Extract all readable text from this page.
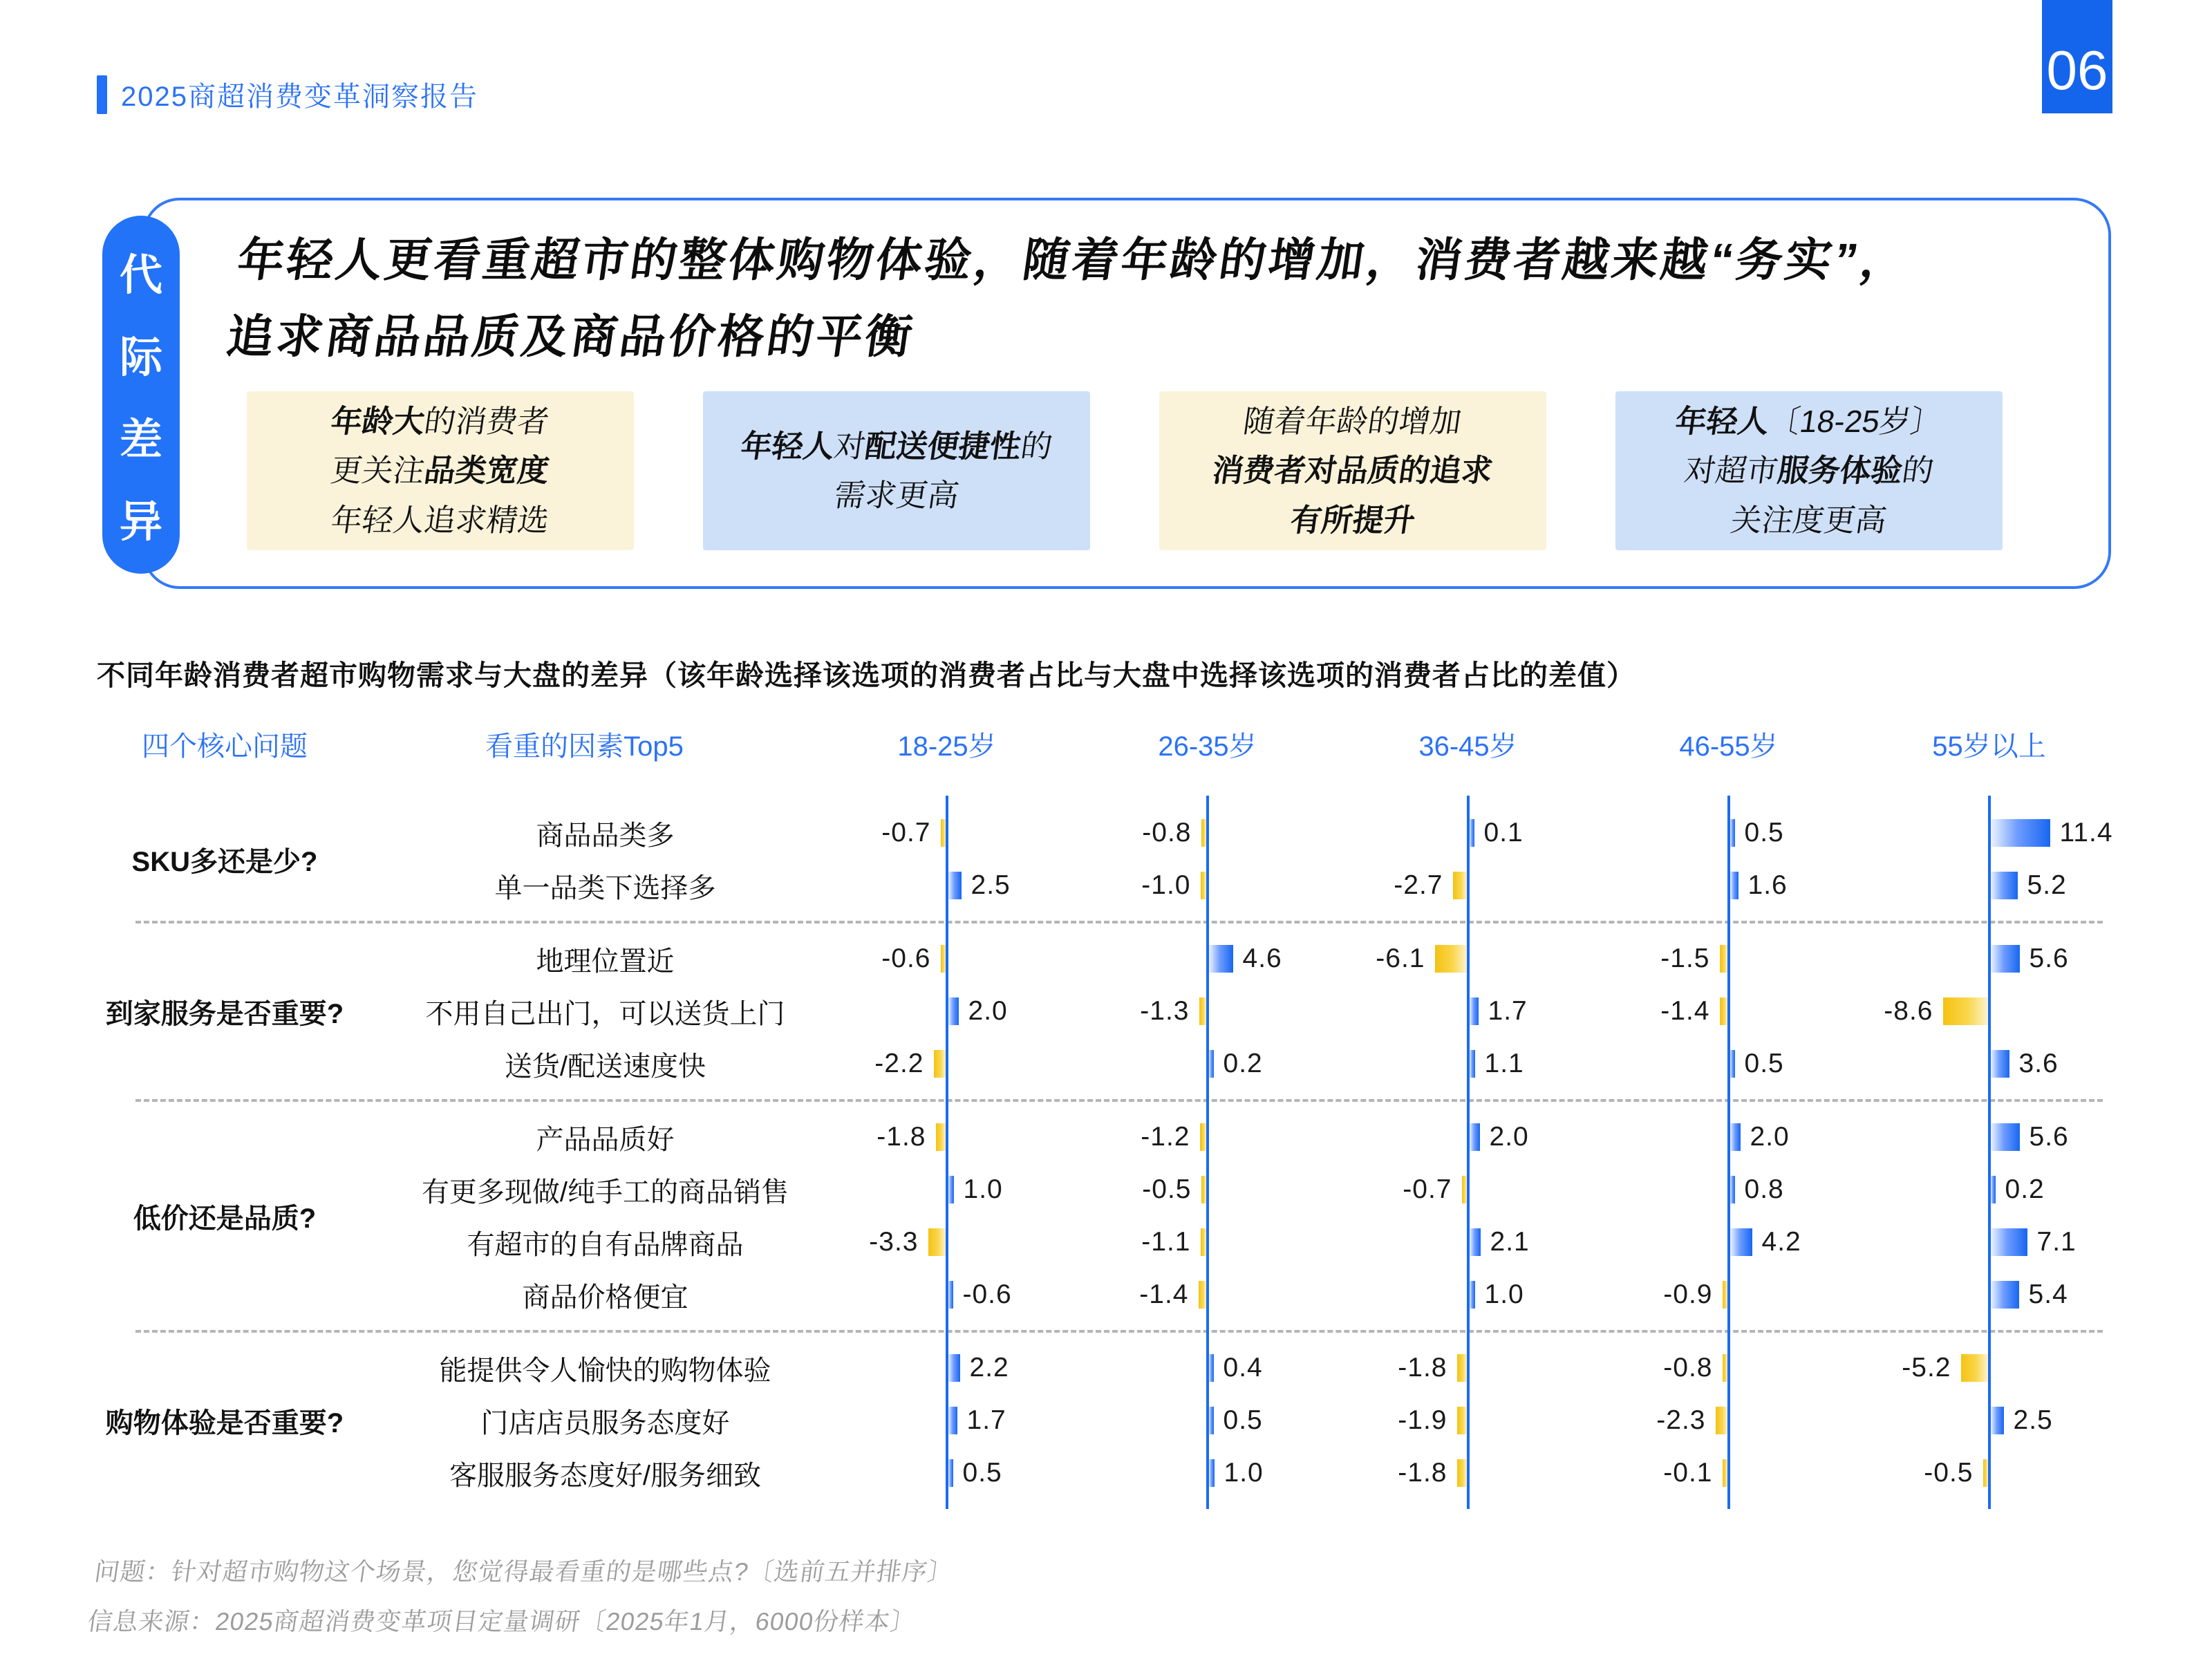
2025商超消费变革洞察报告	06
代
际
差
异
年轻人更看重超市的整体购物体验，随着年龄的增加，消费者越来越“务实”，
追求商品品质及商品价格的平衡
年龄大的消费者
更关注品类宽度
年轻人追求精选
年轻人对配送便捷性的
需求更高
随着年龄的增加
消费者对品质的追求
有所提升
年轻人〔18-25岁〕
对超市服务体验的
关注度更高
不同年龄消费者超市购物需求与大盘的差异（该年龄选择该选项的消费者占比与大盘中选择该选项的消费者占比的差值）
四个核心问题	看重的因素Top5	18-25岁	26-35岁	36-45岁	46-55岁	55岁以上
SKU多还是少?
商品品类多	-0.7	-0.8	0.1	0.5	11.4
单一品类下选择多	2.5	-1.0	-2.7	1.6	5.2
到家服务是否重要?
地理位置近	-0.6	4.6	-6.1	-1.5	5.6
不用自己出门，可以送货上门	2.0	-1.3	1.7	-1.4	-8.6
送货/配送速度快	-2.2	0.2	1.1	0.5	3.6
低价还是品质?
产品品质好	-1.8	-1.2	2.0	2.0	5.6
有更多现做/纯手工的商品销售	1.0	-0.5	-0.7	0.8	0.2
有超市的自有品牌商品	-3.3	-1.1	2.1	4.2	7.1
商品价格便宜	-0.6	-1.4	1.0	-0.9	5.4
购物体验是否重要?
能提供令人愉快的购物体验	2.2	0.4	-1.8	-0.8	-5.2
门店店员服务态度好	1.7	0.5	-1.9	-2.3	2.5
客服服务态度好/服务细致	0.5	1.0	-1.8	-0.1	-0.5
问题：针对超市购物这个场景，您觉得最看重的是哪些点?〔选前五并排序〕
信息来源：2025商超消费变革项目定量调研〔2025年1月，6000份样本〕
